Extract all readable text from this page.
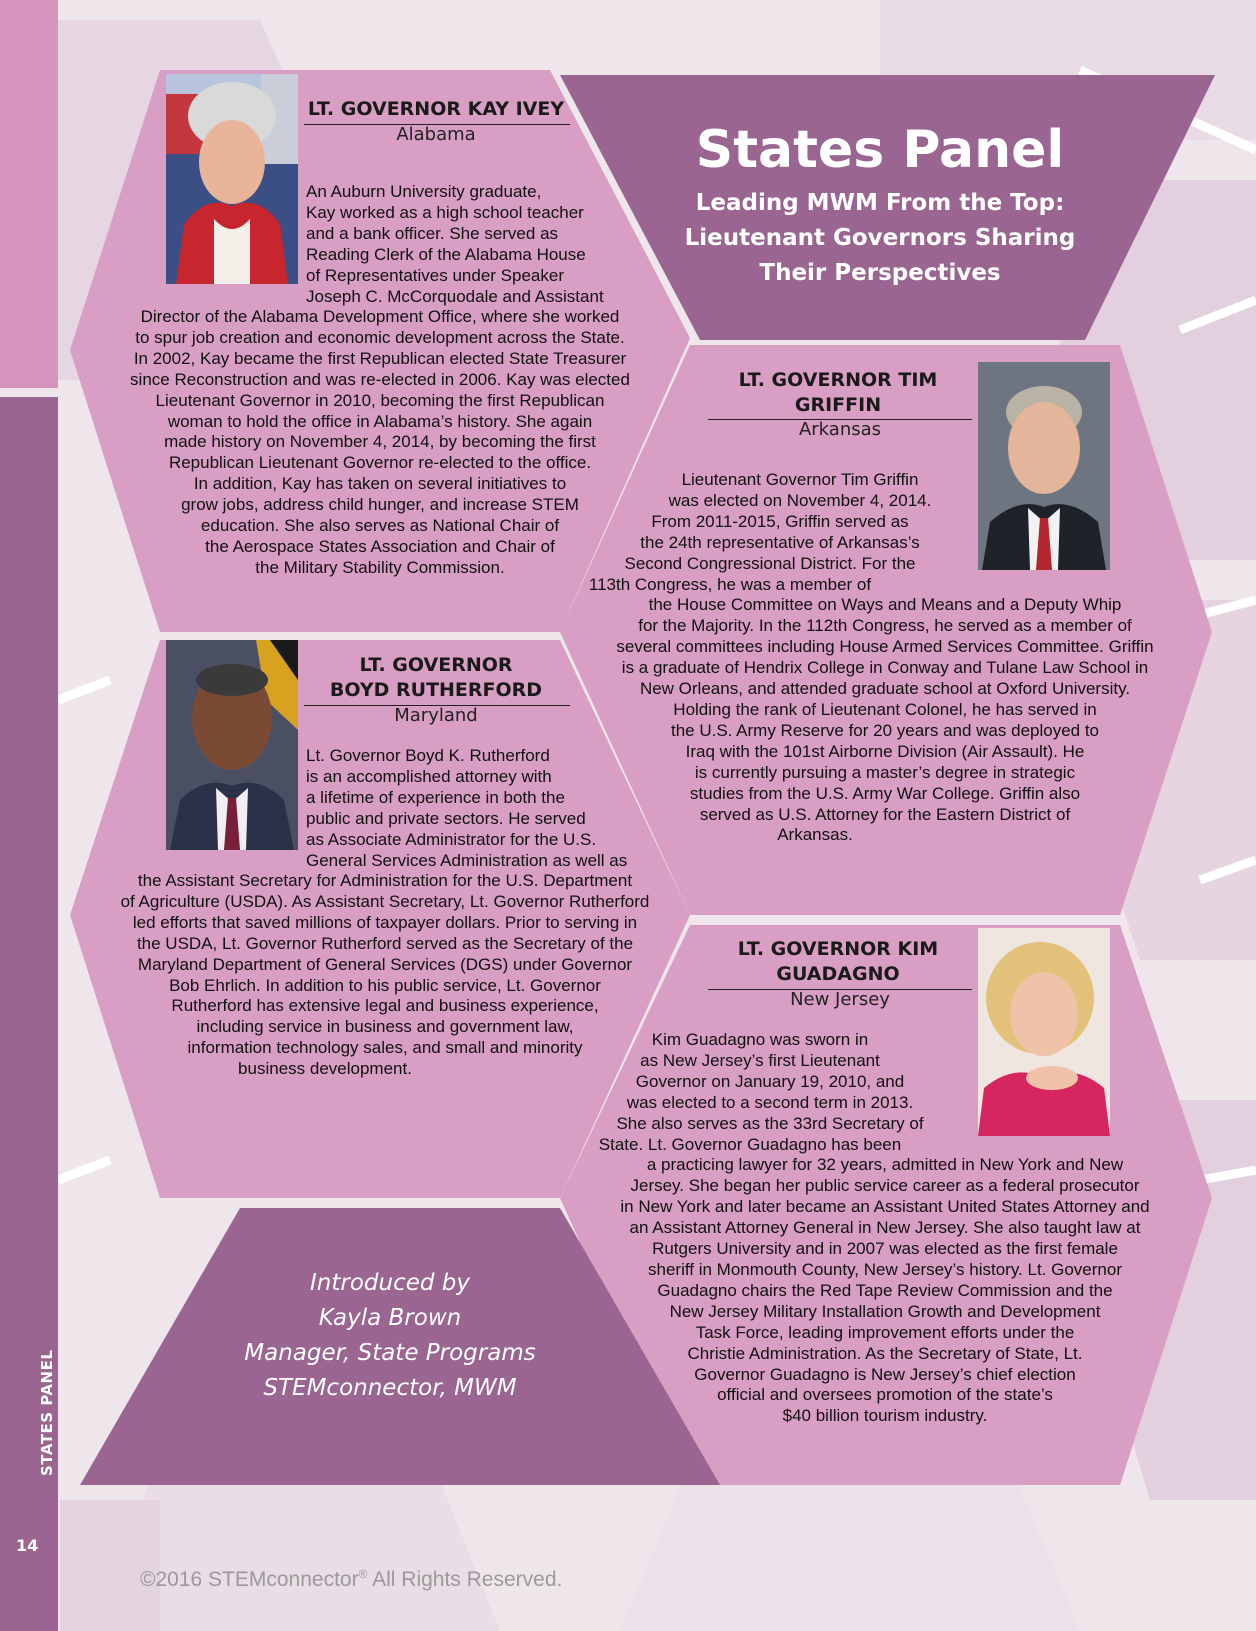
STATES PANEL
14
States Panel
Leading MWM From the Top:
Lieutenant Governors Sharing
Their Perspectives
LT. GOVERNOR KAY IVEY
Alabama
An Auburn University graduate,
Kay worked as a high school teacher
and a bank officer. She served as
Reading Clerk of the Alabama House
of Representatives under Speaker
Joseph C. McCorquodale and Assistant
Director of the Alabama Development Office, where she worked
to spur job creation and economic development across the State.
In 2002, Kay became the first Republican elected State Treasurer
since Reconstruction and was re-elected in 2006. Kay was elected
Lieutenant Governor in 2010, becoming the first Republican
woman to hold the office in Alabama’s history. She again
made history on November 4, 2014, by becoming the first
Republican Lieutenant Governor re-elected to the office.
In addition, Kay has taken on several initiatives to
grow jobs, address child hunger, and increase STEM
education. She also serves as National Chair of
the Aerospace States Association and Chair of
the Military Stability Commission.
LT. GOVERNOR TIM
GRIFFIN
Arkansas
Lieutenant Governor Tim Griffin
was elected on November 4, 2014.
From 2011-2015, Griffin served as
the 24th representative of Arkansas’s
Second Congressional District. For the
113th Congress, he was a member of
the House Committee on Ways and Means and a Deputy Whip
for the Majority. In the 112th Congress, he served as a member of
several committees including House Armed Services Committee. Griffin
is a graduate of Hendrix College in Conway and Tulane Law School in
New Orleans, and attended graduate school at Oxford University.
Holding the rank of Lieutenant Colonel, he has served in
the U.S. Army Reserve for 20 years and was deployed to
Iraq with the 101st Airborne Division (Air Assault). He
is currently pursuing a master’s degree in strategic
studies from the U.S. Army War College. Griffin also
served as U.S. Attorney for the Eastern District of
Arkansas.
LT. GOVERNOR
BOYD RUTHERFORD
Maryland
Lt. Governor Boyd K. Rutherford
is an accomplished attorney with
a lifetime of experience in both the
public and private sectors. He served
as Associate Administrator for the U.S.
General Services Administration as well as
the Assistant Secretary for Administration for the U.S. Department
of Agriculture (USDA). As Assistant Secretary, Lt. Governor Rutherford
led efforts that saved millions of taxpayer dollars. Prior to serving in
the USDA, Lt. Governor Rutherford served as the Secretary of the
Maryland Department of General Services (DGS) under Governor
Bob Ehrlich. In addition to his public service, Lt. Governor
Rutherford has extensive legal and business experience,
including service in business and government law,
information technology sales, and small and minority
business development.
LT. GOVERNOR KIM
GUADAGNO
New Jersey
Kim Guadagno was sworn in
as New Jersey’s first Lieutenant
Governor on January 19, 2010, and
was elected to a second term in 2013.
She also serves as the 33rd Secretary of
State. Lt. Governor Guadagno has been
a practicing lawyer for 32 years, admitted in New York and New
Jersey. She began her public service career as a federal prosecutor
in New York and later became an Assistant United States Attorney and
an Assistant Attorney General in New Jersey. She also taught law at
Rutgers University and in 2007 was elected as the first female
sheriff in Monmouth County, New Jersey’s history. Lt. Governor
Guadagno chairs the Red Tape Review Commission and the
New Jersey Military Installation Growth and Development
Task Force, leading improvement efforts under the
Christie Administration. As the Secretary of State, Lt.
Governor Guadagno is New Jersey’s chief election
official and oversees promotion of the state’s
$40 billion tourism industry.
Introduced by
Kayla Brown
Manager, State Programs
STEMconnector, MWM
©2016 STEMconnector® All Rights Reserved.
